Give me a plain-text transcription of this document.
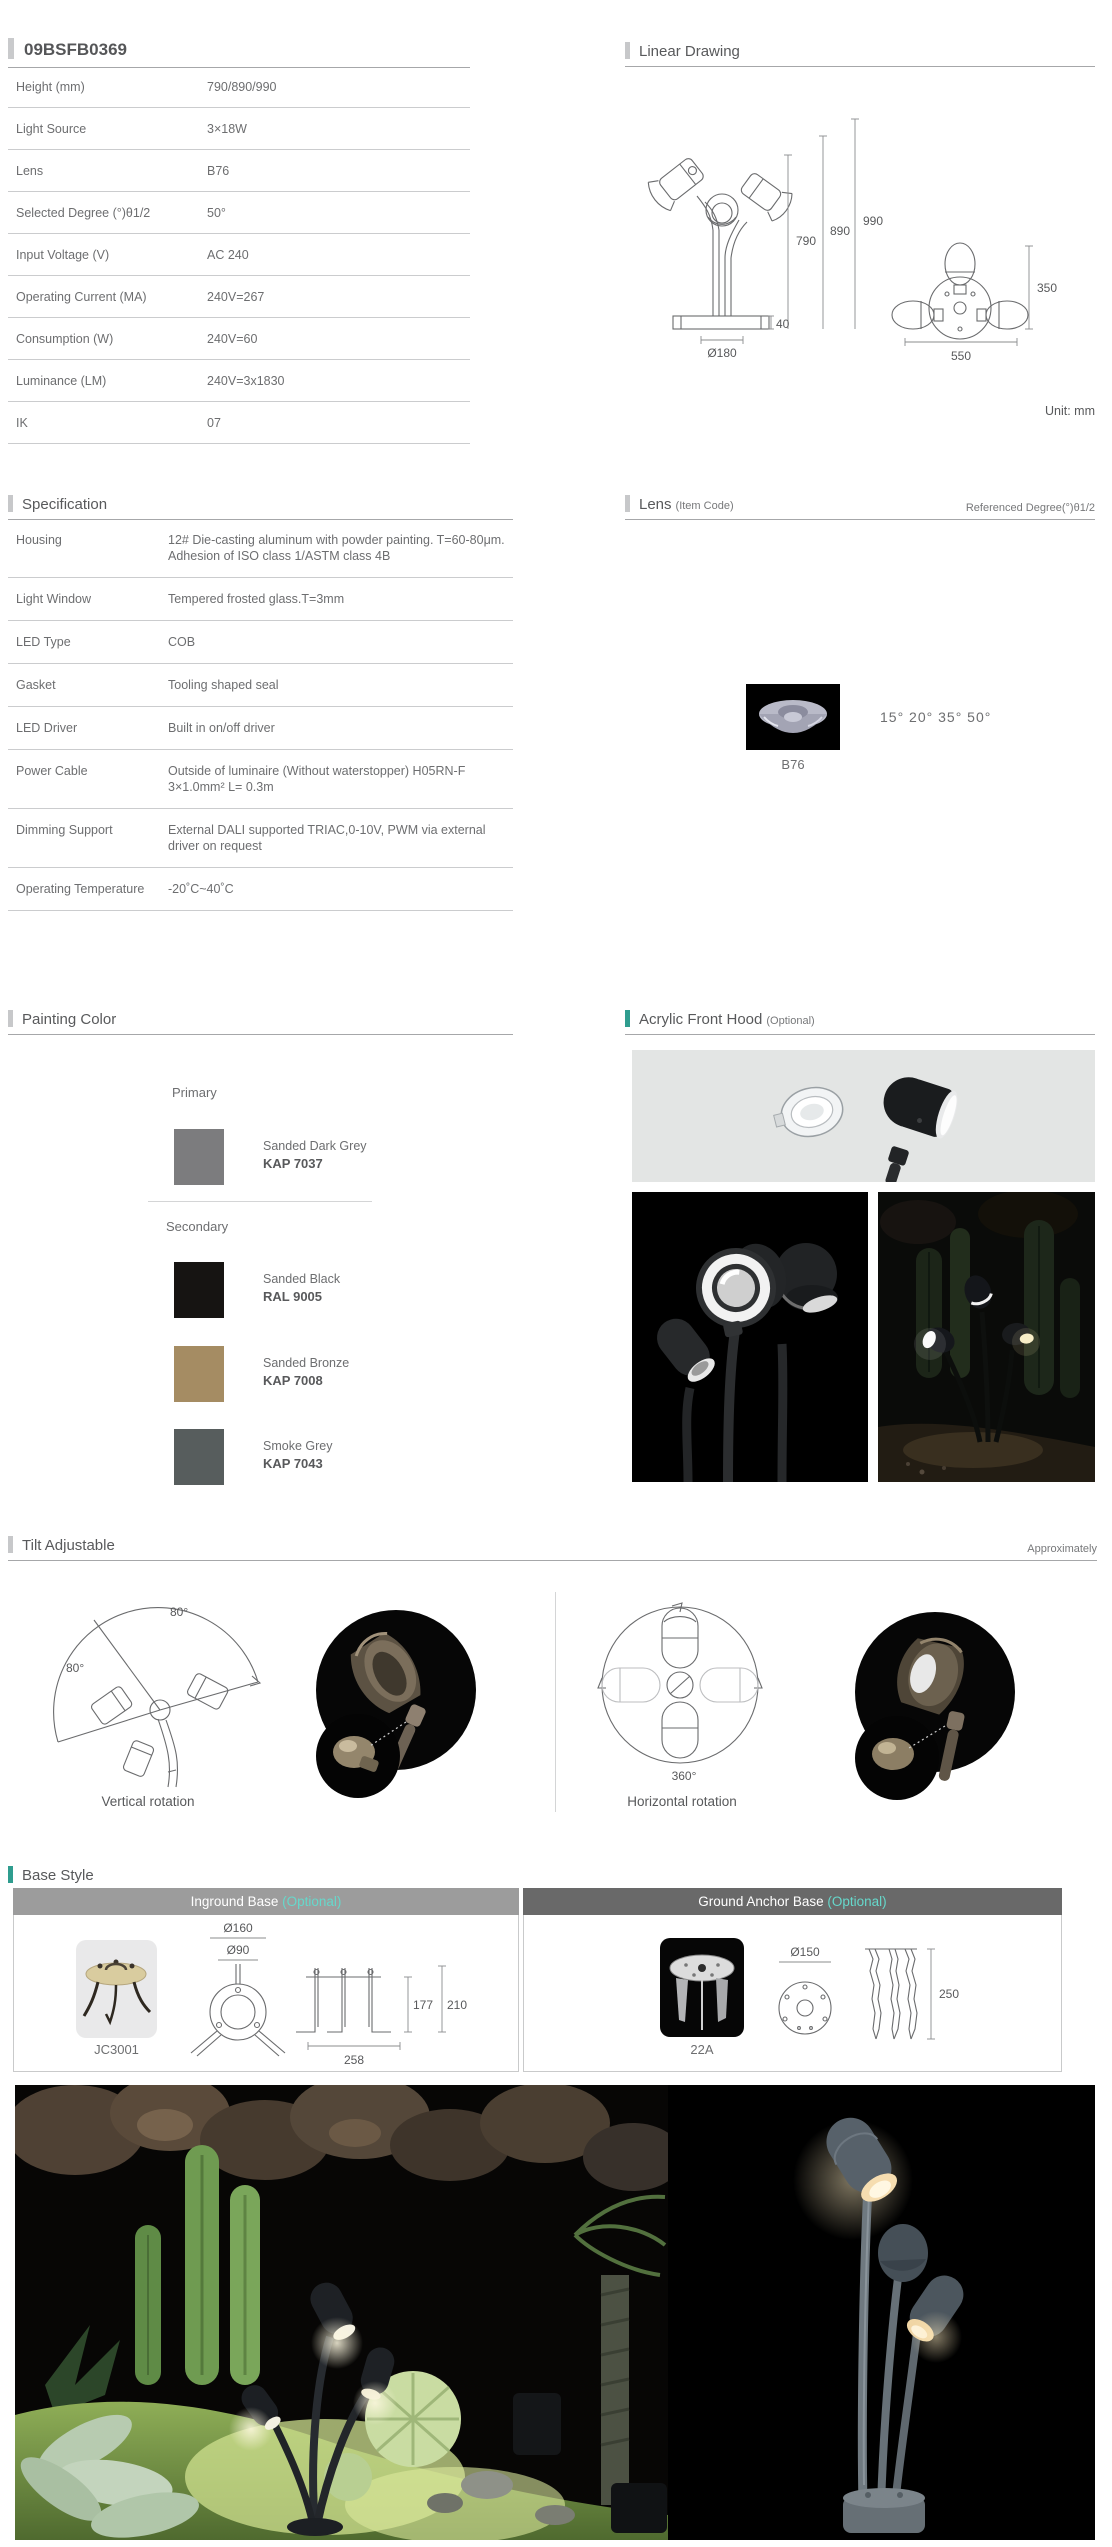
09BSFB0369
Height (mm)	790/890/990
Light Source	3×18W
Lens	B76
Selected Degree (°)θ1/2	50°
Input Voltage (V)	AC 240
Operating Current (MA)	240V=267
Consumption (W)	240V=60
Luminance (LM)	240V=3x1830
IK	07
Linear Drawing
790
890
990
40
Ø180	550
350
Unit: mm
Specification
Housing	12# Die-casting aluminum with powder painting. T=60-80μm. Adhesion of ISO class 1/ASTM class 4B
Light Window	Tempered frosted glass.T=3mm
LED Type	COB
Gasket	Tooling shaped seal
LED Driver	Built in on/off driver
Power Cable	Outside of luminaire (Without waterstopper) H05RN-F 3×1.0mm² L= 0.3m
Dimming Support	External DALI supported TRIAC,0-10V, PWM via external driver on request
Operating Temperature	-20˚C~40˚C
Lens (Item Code)	Referenced Degree(°)θ1/2
B76
15° 20° 35° 50°
Painting Color
Primary
Sanded Dark Grey
KAP 7037
Secondary
Sanded Black
RAL 9005
Sanded Bronze
KAP 7008
Smoke Grey
KAP 7043
Acrylic Front Hood (Optional)
Tilt Adjustable	Approximately
80°
80°
Vertical rotation
360°
Horizontal rotation
Base Style
Inground Base (Optional)	Ground Anchor Base (Optional)
JC3001
Ø160
Ø90
177 210
258
22A
Ø150
250
